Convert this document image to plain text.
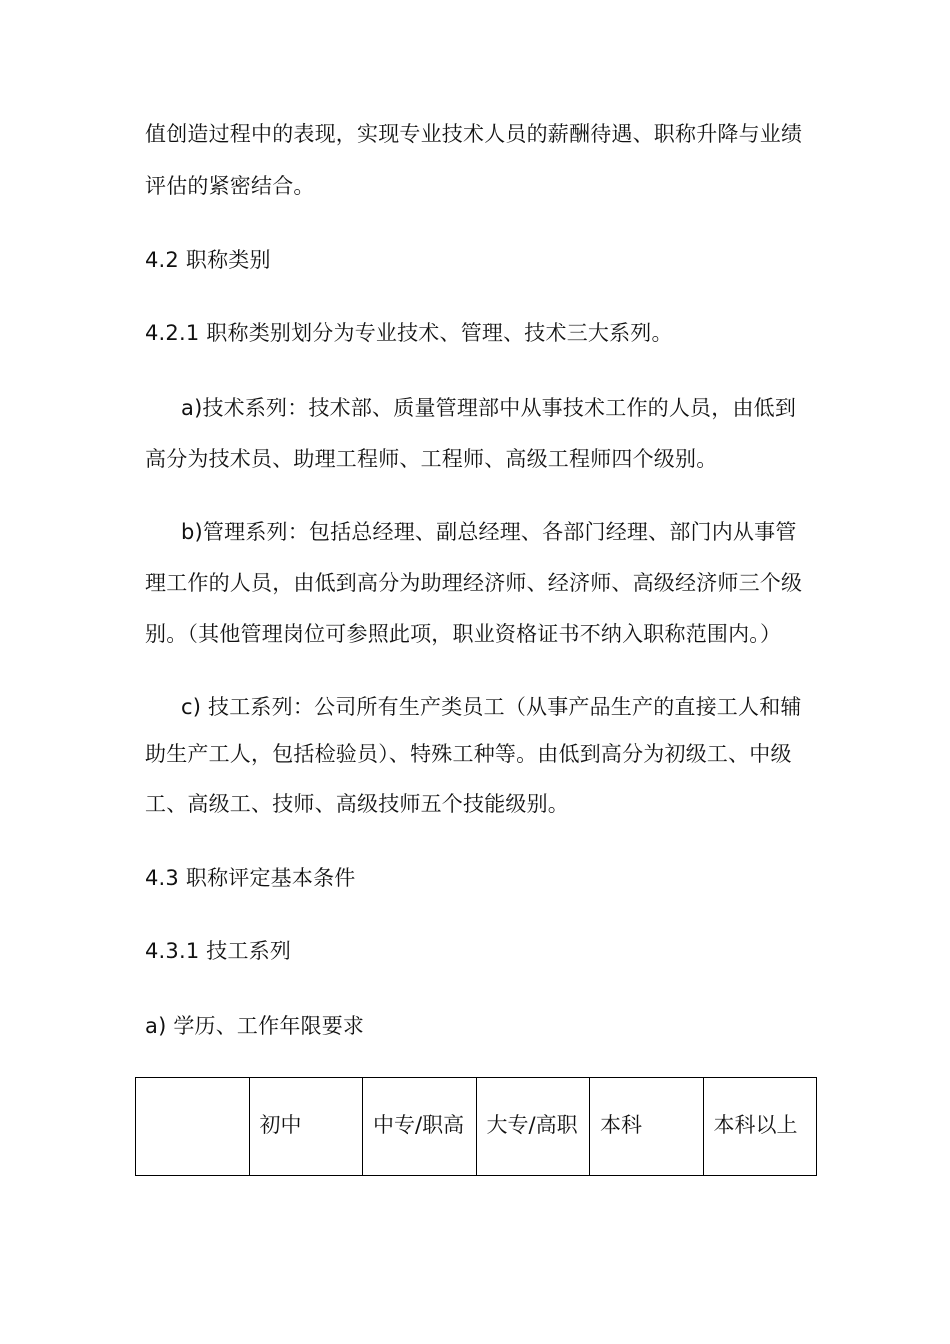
值创造过程中的表现，实现专业技术人员的薪酬待遇、职称升降与业绩
评估的紧密结合。
4.2 职称类别
4.2.1 职称类别划分为专业技术、管理、技术三大系列。
a)技术系列：技术部、质量管理部中从事技术工作的人员，由低到
高分为技术员、助理工程师、工程师、高级工程师四个级别。
b)管理系列：包括总经理、副总经理、各部门经理、部门内从事管
理工作的人员，由低到高分为助理经济师、经济师、高级经济师三个级
别。（其他管理岗位可参照此项，职业资格证书不纳入职称范围内。）
c) 技工系列：公司所有生产类员工（从事产品生产的直接工人和辅
助生产工人，包括检验员）、特殊工种等。由低到高分为初级工、中级
工、高级工、技师、高级技师五个技能级别。
4.3 职称评定基本条件
4.3.1 技工系列
a) 学历、工作年限要求
	初中	中专/职高	大专/高职	本科	本科以上
